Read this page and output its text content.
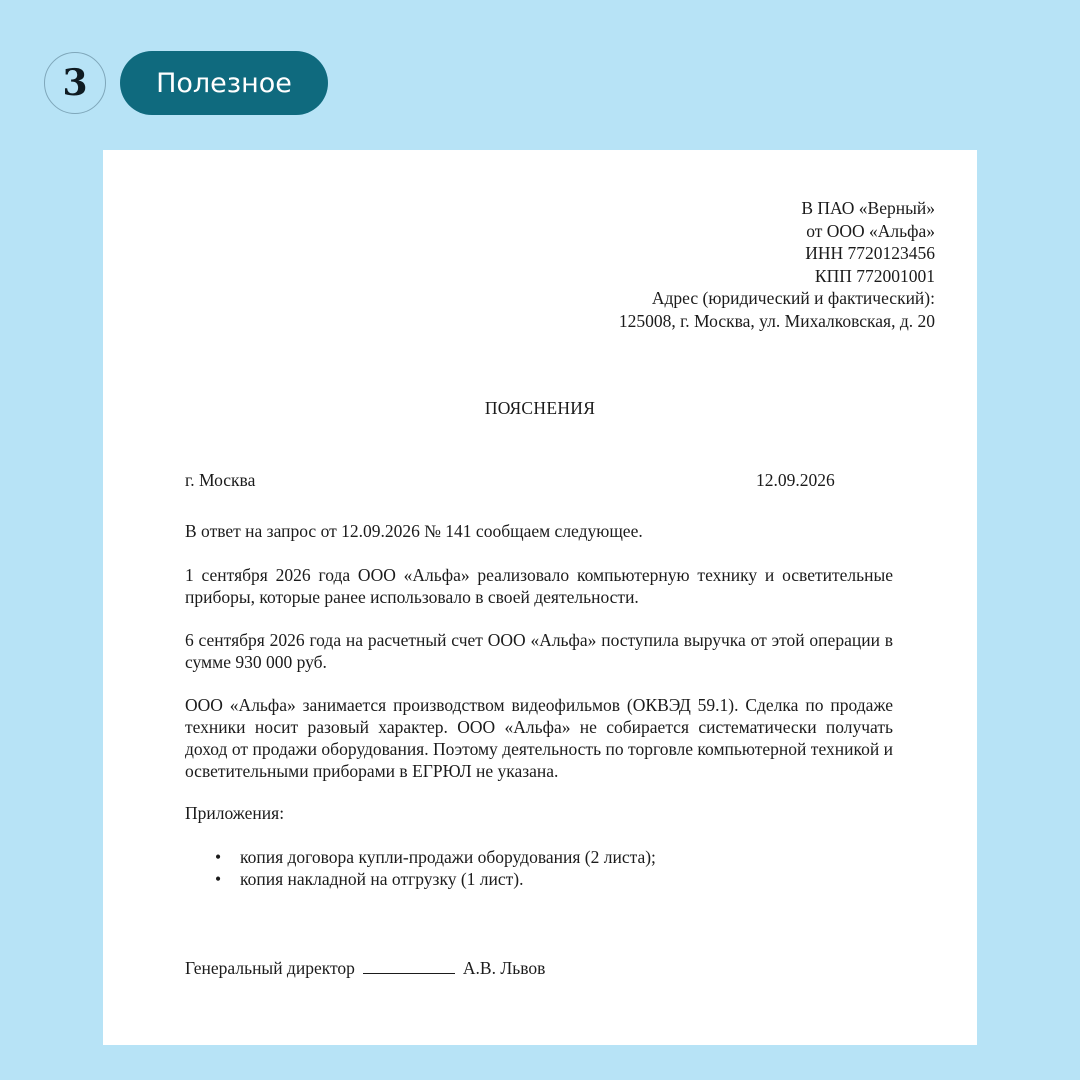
3	Полезное
В ПАО «Верный»
от ООО «Альфа»
ИНН 7720123456
КПП 772001001
Адрес (юридический и фактический):
125008, г. Москва, ул. Михалковская, д. 20
ПОЯСНЕНИЯ
г. Москва	12.09.2026

В ответ на запрос от 12.09.2026 № 141 сообщаем следующее.

1 сентября 2026 года ООО «Альфа» реализовало компьютерную технику и осветительные приборы, которые ранее использовало в своей деятельности.

6 сентября 2026 года на расчетный счет ООО «Альфа» поступила выручка от этой операции в сумме 930 000 руб.

ООО «Альфа» занимается производством видеофильмов (ОКВЭД 59.1). Сделка по продаже техники носит разовый характер. ООО «Альфа» не собирается систематически получать доход от продажи оборудования. Поэтому деятельность по торговле компьютерной техникой и осветительными приборами в ЕГРЮЛ не указана.

Приложения:
• копия договора купли-продажи оборудования (2 листа);
• копия накладной на отгрузку (1 лист).
Генеральный директор	А.В. Львов
